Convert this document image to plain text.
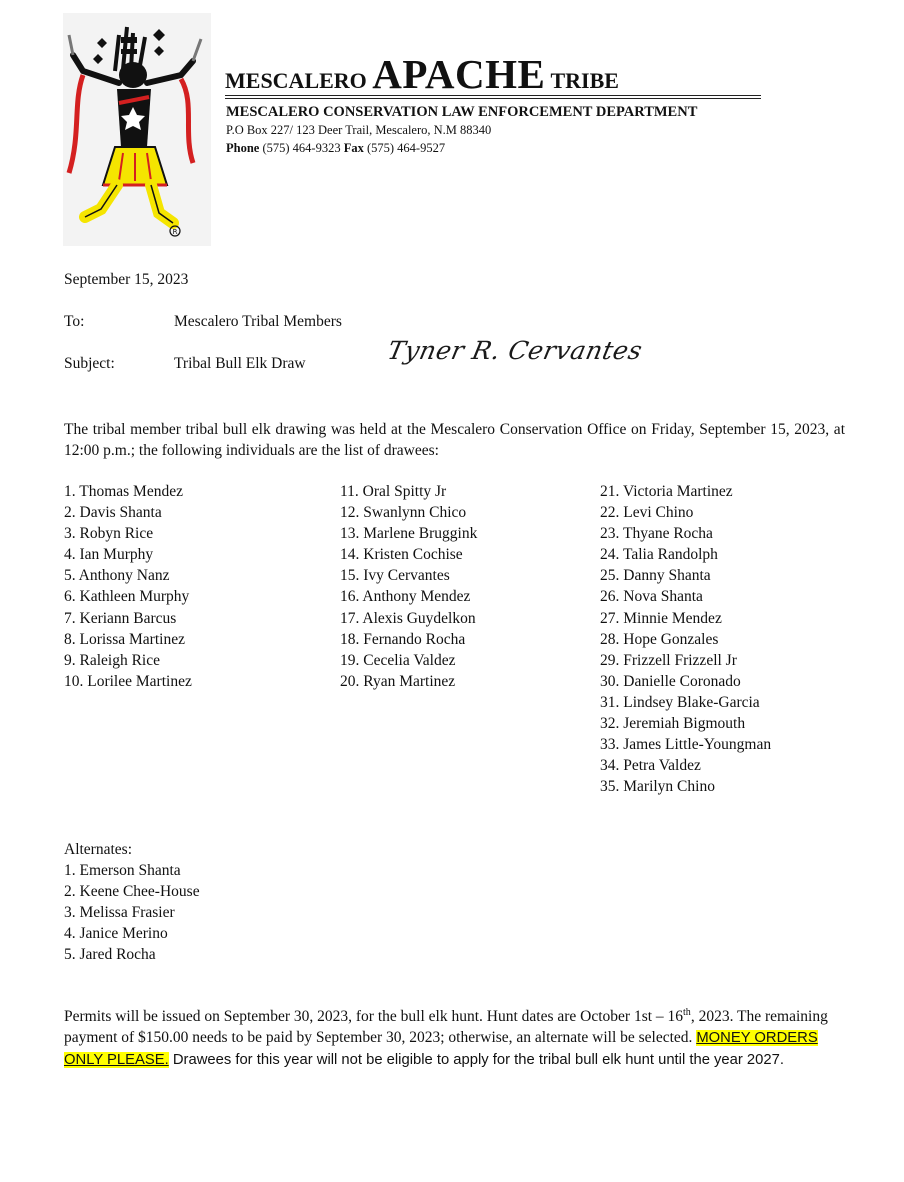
R
MESCALERO APACHE TRIBE
MESCALERO CONSERVATION LAW ENFORCEMENT DEPARTMENT
P.O Box 227/ 123 Deer Trail, Mescalero, N.M 88340
Phone (575) 464-9323 Fax (575) 464-9527
September 15, 2023
To:	Mescalero Tribal Members
Subject:	Tribal Bull Elk Draw	Tyner R. Cervantes
The tribal member tribal bull elk drawing was held at the Mescalero Conservation Office on Friday, September 15, 2023, at 12:00 p.m.; the following individuals are the list of drawees:
1. Thomas Mendez
2. Davis Shanta
3. Robyn Rice
4. Ian Murphy
5. Anthony Nanz
6. Kathleen Murphy
7. Keriann Barcus
8. Lorissa Martinez
9. Raleigh Rice
10. Lorilee Martinez
11. Oral Spitty Jr
12. Swanlynn Chico
13. Marlene Bruggink
14. Kristen Cochise
15. Ivy Cervantes
16. Anthony Mendez
17. Alexis Guydelkon
18. Fernando Rocha
19. Cecelia Valdez
20. Ryan Martinez
21. Victoria Martinez
22. Levi Chino
23. Thyane Rocha
24. Talia Randolph
25. Danny Shanta
26. Nova Shanta
27. Minnie Mendez
28. Hope Gonzales
29. Frizzell Frizzell Jr
30. Danielle Coronado
31. Lindsey Blake-Garcia
32. Jeremiah Bigmouth
33. James Little-Youngman
34. Petra Valdez
35. Marilyn Chino
Alternates:
1. Emerson Shanta
2. Keene Chee-House
3. Melissa Frasier
4. Janice Merino
5. Jared Rocha
Permits will be issued on September 30, 2023, for the bull elk hunt. Hunt dates are October 1st – 16th, 2023. The remaining payment of $150.00 needs to be paid by September 30, 2023; otherwise, an alternate will be selected. MONEY ORDERS ONLY PLEASE. Drawees for this year will not be eligible to apply for the tribal bull elk hunt until the year 2027.
